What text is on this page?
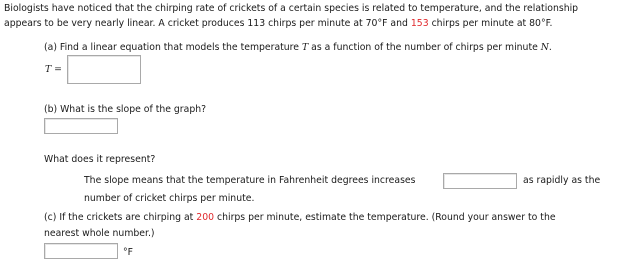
Biologists have noticed that the chirping rate of crickets of a certain species is related to temperature, and the relationship
appears to be very nearly linear. A cricket produces 113 chirps per minute at 70°F and 153 chirps per minute at 80°F.
(a) Find a linear equation that models the temperature T as a function of the number of chirps per minute N.
T =
(b) What is the slope of the graph?
What does it represent?
The slope means that the temperature in Fahrenheit degrees increases	as rapidly as the
number of cricket chirps per minute.
(c) If the crickets are chirping at 200 chirps per minute, estimate the temperature. (Round your answer to the
nearest whole number.)
°F
